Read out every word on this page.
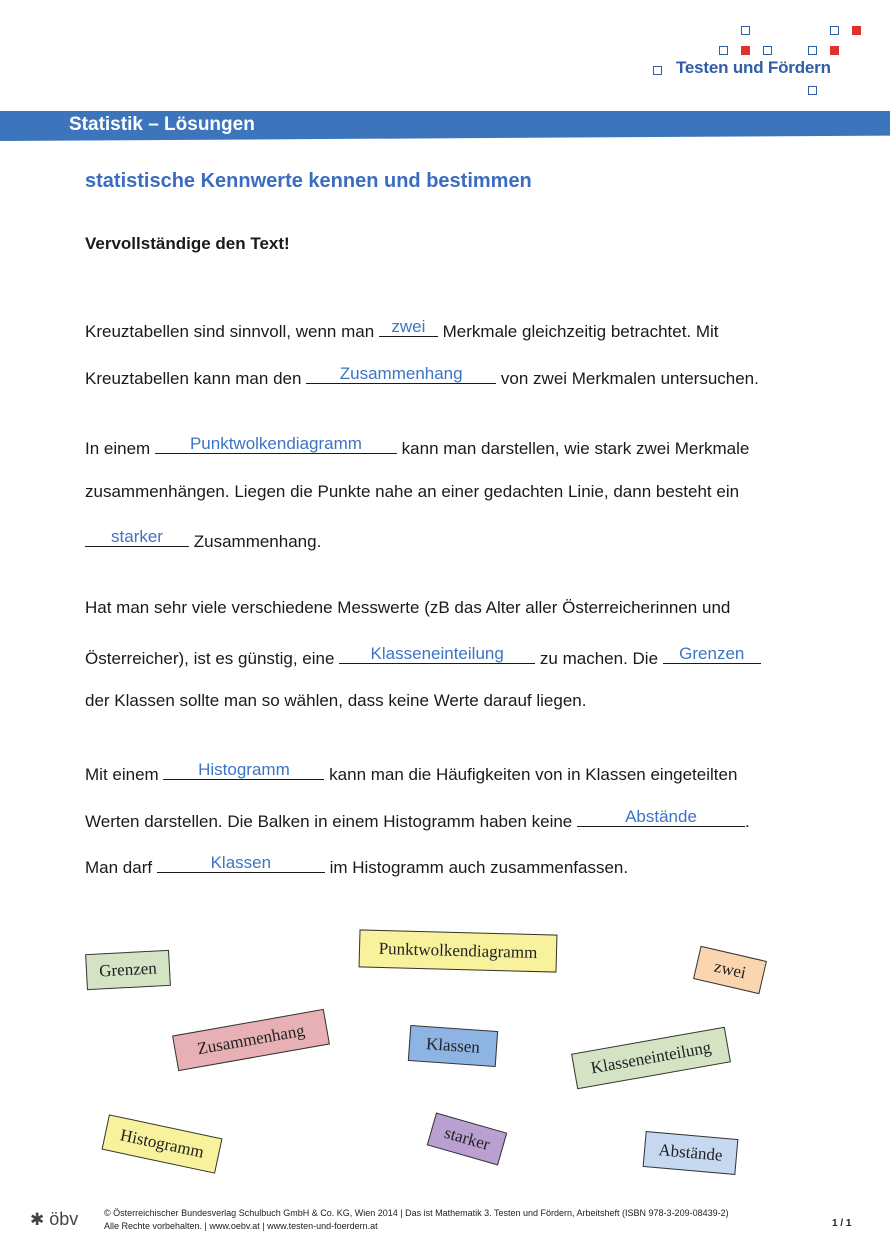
Testen und Fördern
Statistik – Lösungen
statistische Kennwerte kennen und bestimmen
Vervollständige den Text!
Kreuztabellen sind sinnvoll, wenn man	zwei	Merkmale gleichzeitig betrachtet. Mit
Kreuztabellen kann man den	Zusammenhang	von zwei Merkmalen untersuchen.
In einem	Punktwolkendiagramm	kann man darstellen, wie stark zwei Merkmale
zusammenhängen. Liegen die Punkte nahe an einer gedachten Linie, dann besteht ein
starker	Zusammenhang.
Hat man sehr viele verschiedene Messwerte (zB das Alter aller Österreicherinnen und
Österreicher), ist es günstig, eine	Klasseneinteilung	zu machen. Die	Grenzen
der Klassen sollte man so wählen, dass keine Werte darauf liegen.
Mit einem	Histogramm	kann man die Häufigkeiten von in Klassen eingeteilten
Werten darstellen. Die Balken in einem Histogramm haben keine	Abstände	.
Man darf	Klassen	im Histogramm auch zusammenfassen.
Grenzen
Punktwolkendiagramm
zwei
Zusammenhang	Klassen	Klasseneinteilung
Histogramm	starker	Abstände
✱ öbv	© Österreichischer Bundesverlag Schulbuch GmbH & Co. KG, Wien 2014 | Das ist Mathematik 3. Testen und Fördern, Arbeitsheft (ISBN 978-3-209-08439-2)
Alle Rechte vorbehalten. | www.oebv.at | www.testen-und-foerdern.at	1 / 1
